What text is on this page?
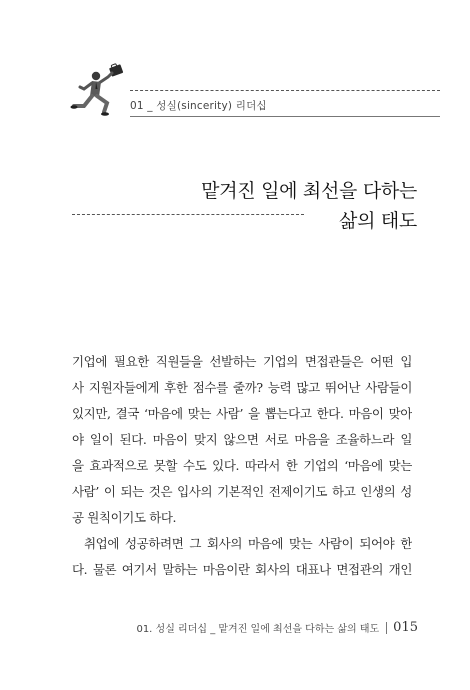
01 _ 성실(sincerity) 리더십
맡겨진 일에 최선을 다하는
삶의 태도
기업에 필요한 직원들을 선발하는 기업의 면접관들은 어떤 입
사 지원자들에게 후한 점수를 줄까? 능력 많고 뛰어난 사람들이
있지만, 결국 ‘마음에 맞는 사람’ 을 뽑는다고 한다. 마음이 맞아
야 일이 된다. 마음이 맞지 않으면 서로 마음을 조율하느라 일
을 효과적으로 못할 수도 있다. 따라서 한 기업의 ‘마음에 맞는
사람’ 이 되는 것은 입사의 기본적인 전제이기도 하고 인생의 성
공 원칙이기도 하다.
취업에 성공하려면 그 회사의 마음에 맞는 사람이 되어야 한
다. 물론 여기서 말하는 마음이란 회사의 대표나 면접관의 개인
01. 성실 리더십 _ 맡겨진 일에 최선을 다하는 삶의 태도 015
